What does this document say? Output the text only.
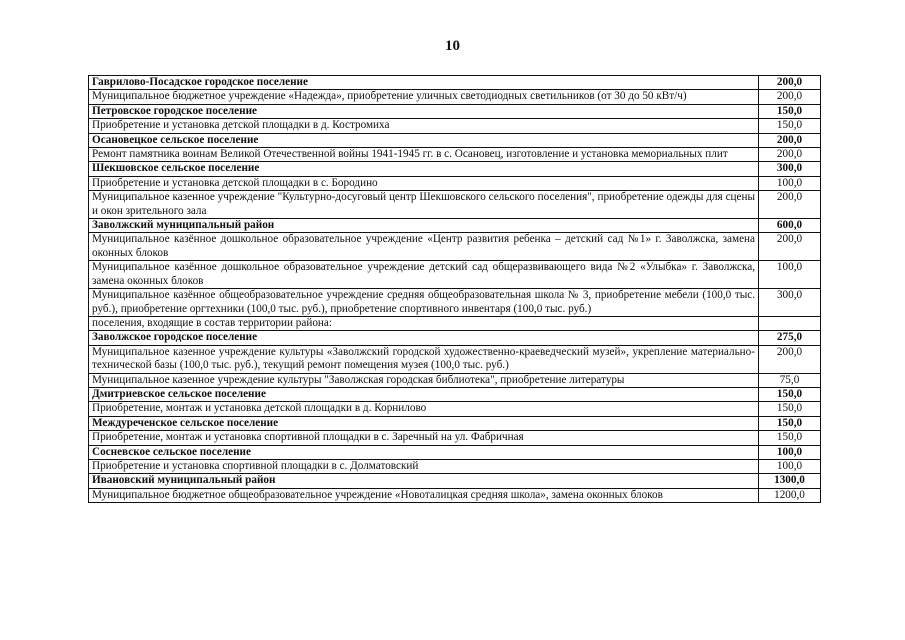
10
Гаврилово-Посадское городское поселение	200,0
Муниципальное бюджетное учреждение «Надежда», приобретение уличных светодиодных светильников (от 30 до 50 кВт/ч)	200,0
Петровское городское поселение	150,0
Приобретение и установка детской площадки в д. Костромиха	150,0
Осановецкое сельское поселение	200,0
Ремонт памятника воинам Великой Отечественной войны 1941-1945 гг. в с. Осановец, изготовление и установка мемориальных плит	200,0
Шекшовское сельское поселение	300,0
Приобретение и установка детской площадки в с. Бородино	100,0
Муниципальное казенное учреждение "Культурно-досуговый центр Шекшовского сельского поселения", приобретение одежды для сцены и окон зрительного зала	200,0
Заволжский муниципальный район	600,0
Муниципальное казённое дошкольное образовательное учреждение «Центр развития ребенка – детский сад №1» г. Заволжска, замена оконных блоков	200,0
Муниципальное казённое дошкольное образовательное учреждение детский сад общеразвивающего вида №2 «Улыбка» г. Заволжска, замена оконных блоков	100,0
Муниципальное казённое общеобразовательное учреждение средняя общеобразовательная школа № 3, приобретение мебели (100,0 тыс. руб.), приобретение оргтехники (100,0 тыс. руб.), приобретение спортивного инвентаря (100,0 тыс. руб.)	300,0
поселения, входящие в состав территории района:	
Заволжское городское поселение	275,0
Муниципальное казенное учреждение культуры «Заволжский городской художественно-краеведческий музей», укрепление материально-технической базы (100,0 тыс. руб.), текущий ремонт помещения музея (100,0 тыс. руб.)	200,0
Муниципальное казенное учреждение культуры "Заволжская городская библиотека", приобретение литературы	75,0
Дмитриевское сельское поселение	150,0
Приобретение, монтаж и установка детской площадки в д. Корнилово	150,0
Междуреченское сельское поселение	150,0
Приобретение, монтаж и установка спортивной площадки в с. Заречный на ул. Фабричная	150,0
Сосневское сельское поселение	100,0
Приобретение и установка спортивной площадки в с. Долматовский	100,0
Ивановский муниципальный район	1300,0
Муниципальное бюджетное общеобразовательное учреждение «Новоталицкая средняя школа», замена оконных блоков	1200,0
